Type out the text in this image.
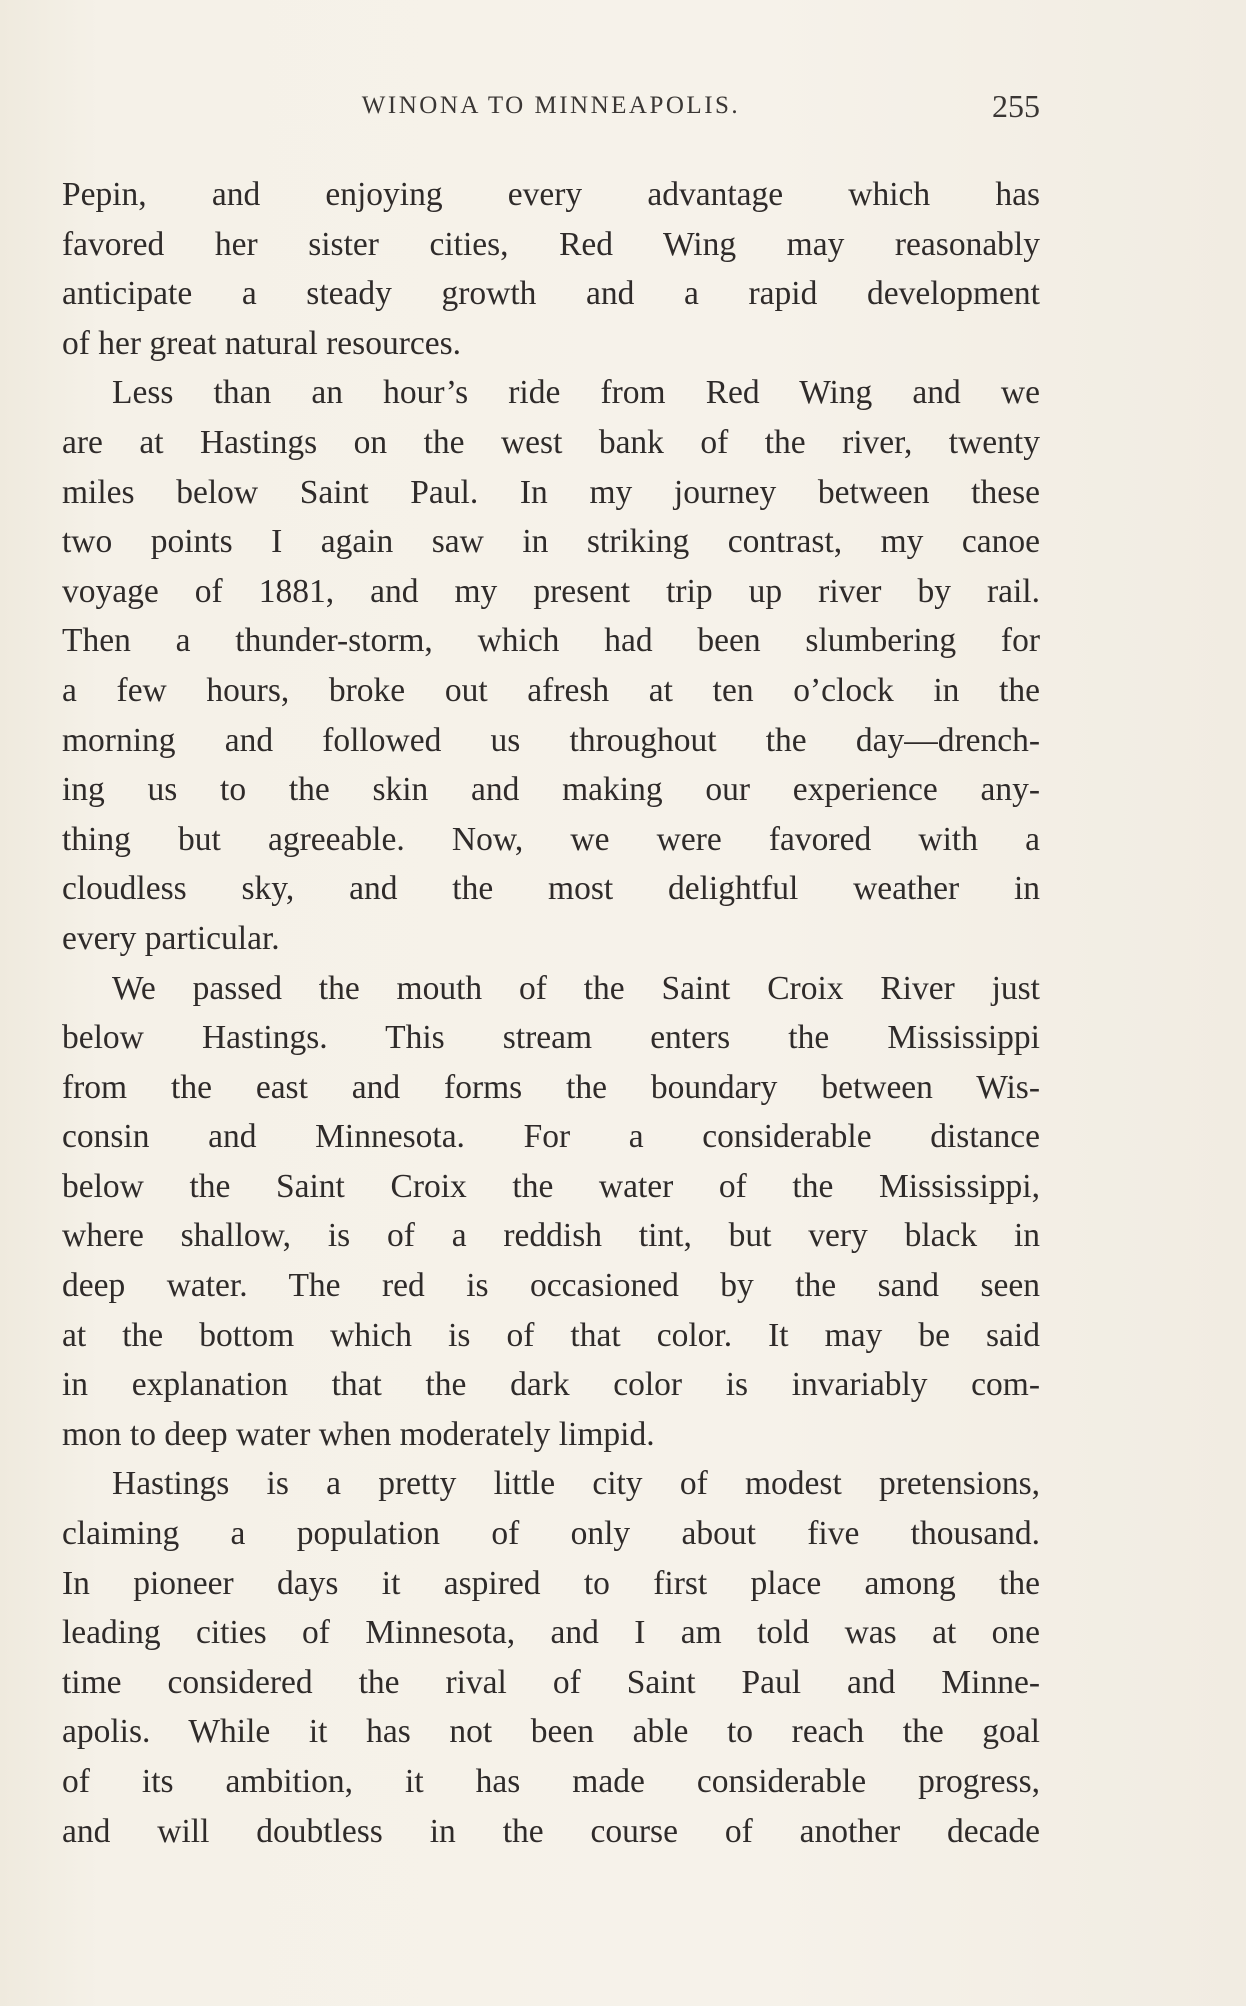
WINONA TO MINNEAPOLIS.	255
Pepin, and enjoying every advantage which has
favored her sister cities, Red Wing may reasonably
anticipate a steady growth and a rapid development
of her great natural resources.
Less than an hour’s ride from Red Wing and we
are at Hastings on the west bank of the river, twenty
miles below Saint Paul. In my journey between these
two points I again saw in striking contrast, my canoe
voyage of 1881, and my present trip up river by rail.
Then a thunder-storm, which had been slumbering for
a few hours, broke out afresh at ten o’clock in the
morning and followed us throughout the day—drench-
ing us to the skin and making our experience any-
thing but agreeable. Now, we were favored with a
cloudless sky, and the most delightful weather in
every particular.
We passed the mouth of the Saint Croix River just
below Hastings. This stream enters the Mississippi
from the east and forms the boundary between Wis-
consin and Minnesota. For a considerable distance
below the Saint Croix the water of the Mississippi,
where shallow, is of a reddish tint, but very black in
deep water. The red is occasioned by the sand seen
at the bottom which is of that color. It may be said
in explanation that the dark color is invariably com-
mon to deep water when moderately limpid.
Hastings is a pretty little city of modest pretensions,
claiming a population of only about five thousand.
In pioneer days it aspired to first place among the
leading cities of Minnesota, and I am told was at one
time considered the rival of Saint Paul and Minne-
apolis. While it has not been able to reach the goal
of its ambition, it has made considerable progress,
and will doubtless in the course of another decade
